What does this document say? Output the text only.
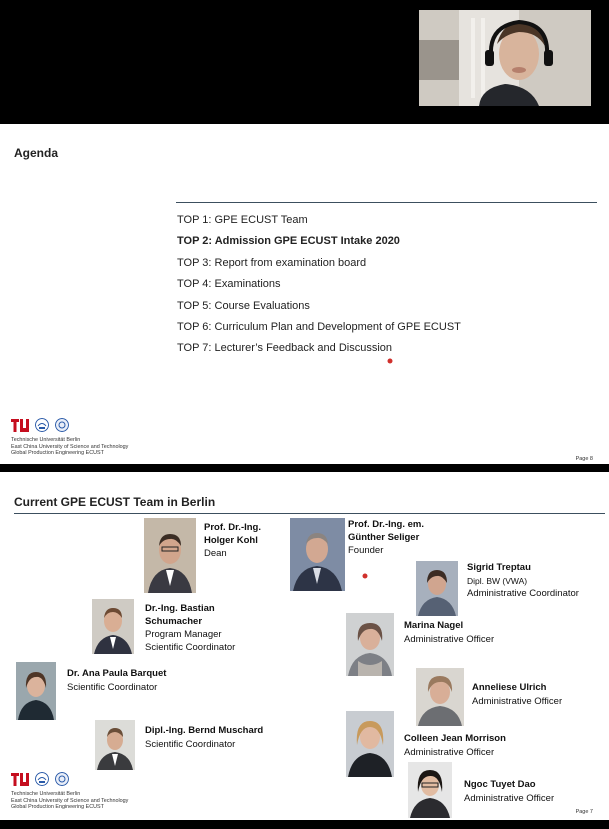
Agenda
TOP 1: GPE ECUST Team
TOP 2: Admission GPE ECUST Intake 2020
TOP 3: Report from examination board
TOP 4: Examinations
TOP 5: Course Evaluations
TOP 6: Curriculum Plan and Development of GPE ECUST
TOP 7: Lecturer’s Feedback and Discussion
Technische Universität Berlin
East China University of Science and Technology
Global Production Engineering ECUST
Page 8
Current GPE ECUST Team in Berlin
Prof. Dr.-Ing.
Holger Kohl
Dean
Prof. Dr.-Ing. em.
Günther Seliger
Founder
Sigrid Treptau
Dipl. BW (VWA)
Administrative Coordinator
Dr.-Ing. Bastian
Schumacher
Program Manager
Scientific Coordinator
Marina Nagel
Administrative Officer
Dr. Ana Paula Barquet
Scientific Coordinator	Anneliese Ulrich
Administrative Officer
Dipl.-Ing. Bernd Muschard
Scientific Coordinator	Colleen Jean Morrison
Administrative Officer
Ngoc Tuyet Dao
Administrative Officer
Technische Universität Berlin
East China University of Science and Technology
Global Production Engineering ECUST
Page 7
